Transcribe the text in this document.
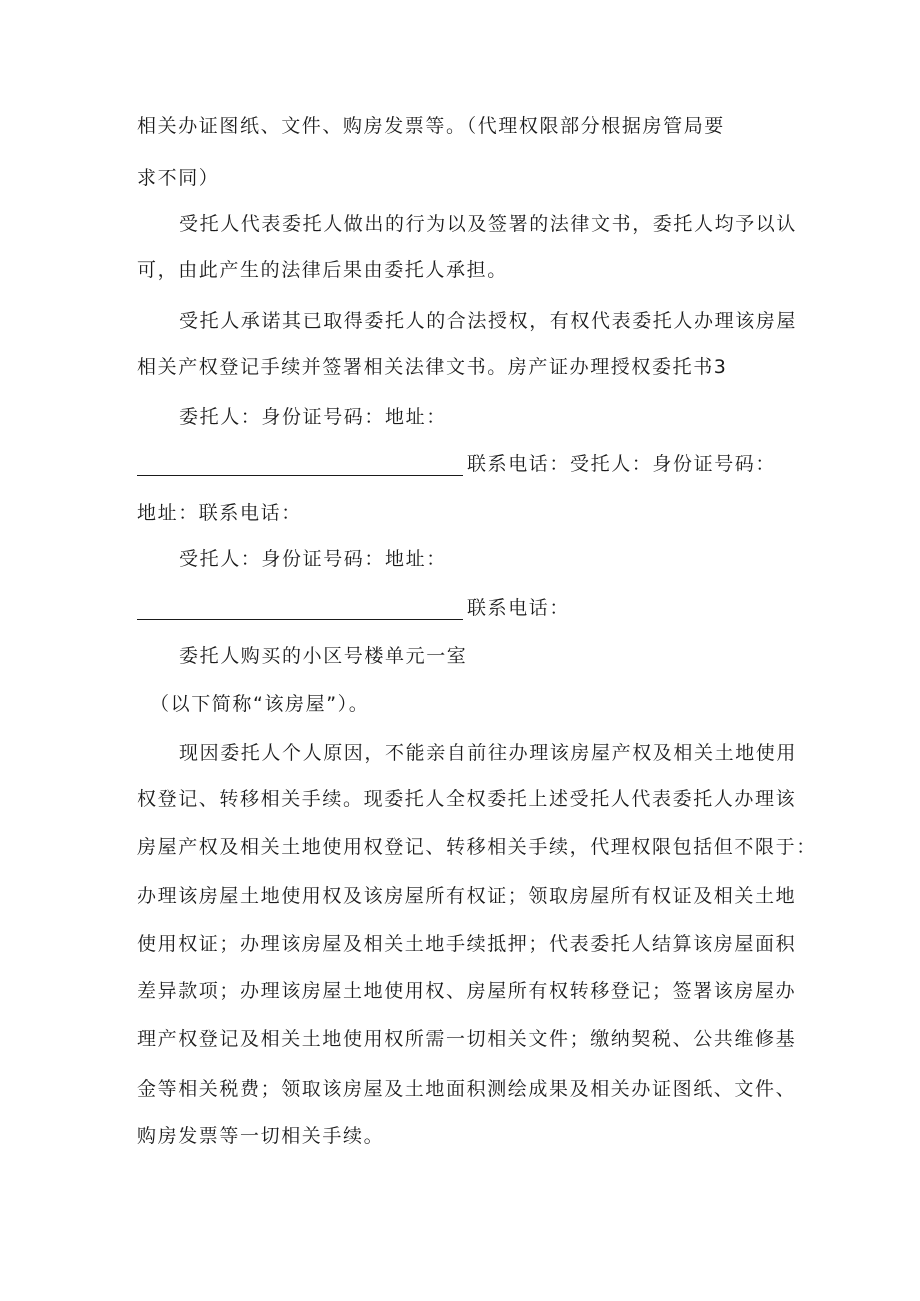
相关办证图纸、文件、购房发票等。（代理权限部分根据房管局要
求不同）
受托人代表委托人做出的行为以及签署的法律文书，委托人均予以认
可，由此产生的法律后果由委托人承担。
受托人承诺其已取得委托人的合法授权，有权代表委托人办理该房屋
相关产权登记手续并签署相关法律文书。房产证办理授权委托书3
委托人：身份证号码：地址：
联系电话：受托人：身份证号码：
地址：联系电话：
受托人：身份证号码：地址：
联系电话：
委托人购买的小区号楼单元一室
（以下简称“该房屋”）。
现因委托人个人原因，不能亲自前往办理该房屋产权及相关土地使用
权登记、转移相关手续。现委托人全权委托上述受托人代表委托人办理该
房屋产权及相关土地使用权登记、转移相关手续，代理权限包括但不限于：
办理该房屋土地使用权及该房屋所有权证；领取房屋所有权证及相关土地
使用权证；办理该房屋及相关土地手续抵押；代表委托人结算该房屋面积
差异款项；办理该房屋土地使用权、房屋所有权转移登记；签署该房屋办
理产权登记及相关土地使用权所需一切相关文件；缴纳契税、公共维修基
金等相关税费；领取该房屋及土地面积测绘成果及相关办证图纸、文件、
购房发票等一切相关手续。
